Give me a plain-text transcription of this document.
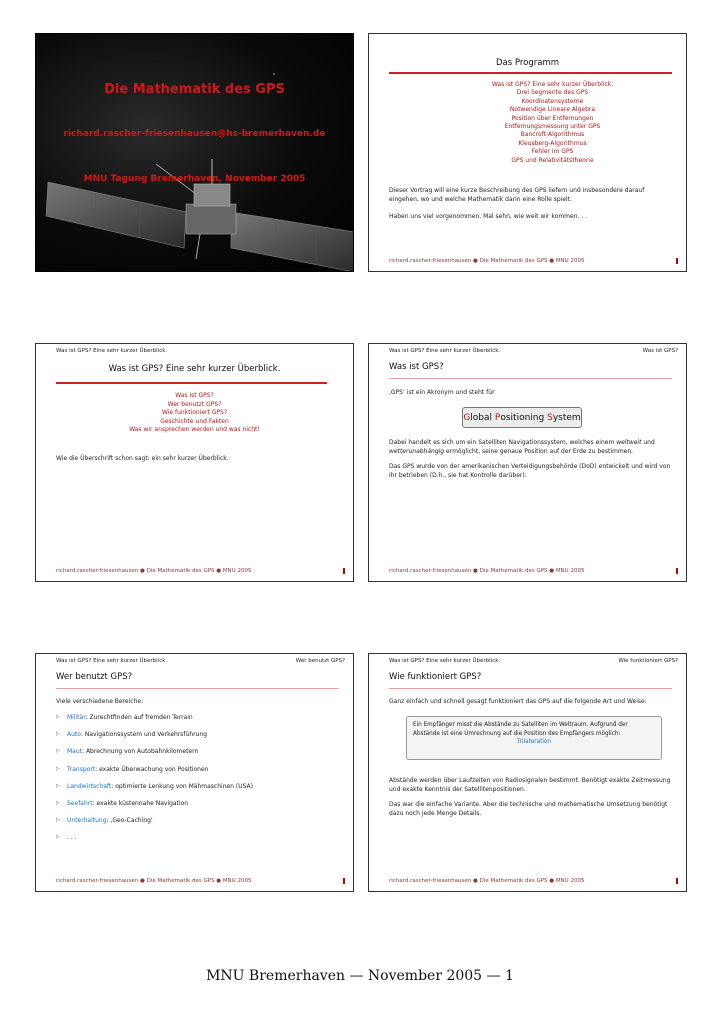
Die Mathematik des GPS
richard.rascher-friesenhausen@hs-bremerhaven.de
MNU Tagung Bremerhaven, November 2005
Das Programm
Was ist GPS? Eine sehr kurzer Überblick.
Drei Segmente des GPS
Koordinatensysteme
Notwendige Lineare Algebra
Position über Entfernungen
Entfernungsmessung unter GPS
Bancroft-Algorithmus
Kleusberg-Algorithmus
Fehler im GPS
GPS und Relativitätstheorie
Dieser Vortrag will eine kurze Beschreibung des GPS liefern und insbesondere darauf eingehen, wo und welche Mathematik darin eine Rolle spielt.
Haben uns viel vorgenommen. Mal sehn, wie weit wir kommen. . .
richard.rascher-friesenhausen ● Die Mathematik des GPS ● MNU 2005
Was ist GPS? Eine sehr kurzer Überblick.
Was ist GPS? Eine sehr kurzer Überblick.
Was ist GPS?
Wer benutzt GPS?
Wie funktioniert GPS?
Geschichte und Fakten
Was wir ansprechen werden und was nicht!
Wie die Überschrift schon sagt: ein sehr kurzer Überblick.
richard.rascher-friesenhausen ● Die Mathematik des GPS ● MNU 2005
Was ist GPS? Eine sehr kurzer Überblick.	Was ist GPS?
Was ist GPS?
‚GPS‘ ist ein Akronym und steht für
G lobal
P ositioning
S ystem
Dabei handelt es sich um ein Satelliten Navigationssystem, welches einem weltweit und wetterunabhängig ermöglicht, seine genaue Position auf der Erde zu bestimmen.
Das GPS wurde von der amerikanischen Verteidigungsbehörde (DoD) entwickelt und wird von ihr betrieben (D.h., sie hat Kontrolle darüber).
richard.rascher-friesenhausen ● Die Mathematik des GPS ● MNU 2005
Was ist GPS? Eine sehr kurzer Überblick.	Wer benutzt GPS?
Wer benutzt GPS?
Viele verschiedene Bereiche:
▷	Militär: Zurechtfinden auf fremden Terrain
▷	Auto: Navigationssystem und Verkehrsführung
▷	Maut: Abrechnung von Autobahnkilometern
▷	Transport: exakte Überwachung von Positionen
▷	Landwirtschaft: optimierte Lenkung von Mähmaschinen (USA)
▷	Seefahrt: exakte küstennahe Navigation
▷	Unterhaltung: ‚Geo-Caching‘
▷	. . .
richard.rascher-friesenhausen ● Die Mathematik des GPS ● MNU 2005
Was ist GPS? Eine sehr kurzer Überblick.	Wie funktioniert GPS?
Wie funktioniert GPS?
Ganz einfach und schnell gesagt funktioniert das GPS auf die folgende Art und Weise:
Ein Empfänger misst die Abstände zu Satelliten im Weltraum. Aufgrund der Abstände ist eine Umrechnung auf die Position des Empfängers möglich:
Trilateration
Abstände werden über Laufzeiten von Radiosignalen bestimmt. Benötigt exakte Zeitmessung und exakte Kenntnis der Satellitenpositionen.
Das war die einfache Variante. Aber die technische und mathematische Umsetzung benötigt dazu noch jede Menge Details.
richard.rascher-friesenhausen ● Die Mathematik des GPS ● MNU 2005
MNU Bremerhaven — November 2005 — 1
